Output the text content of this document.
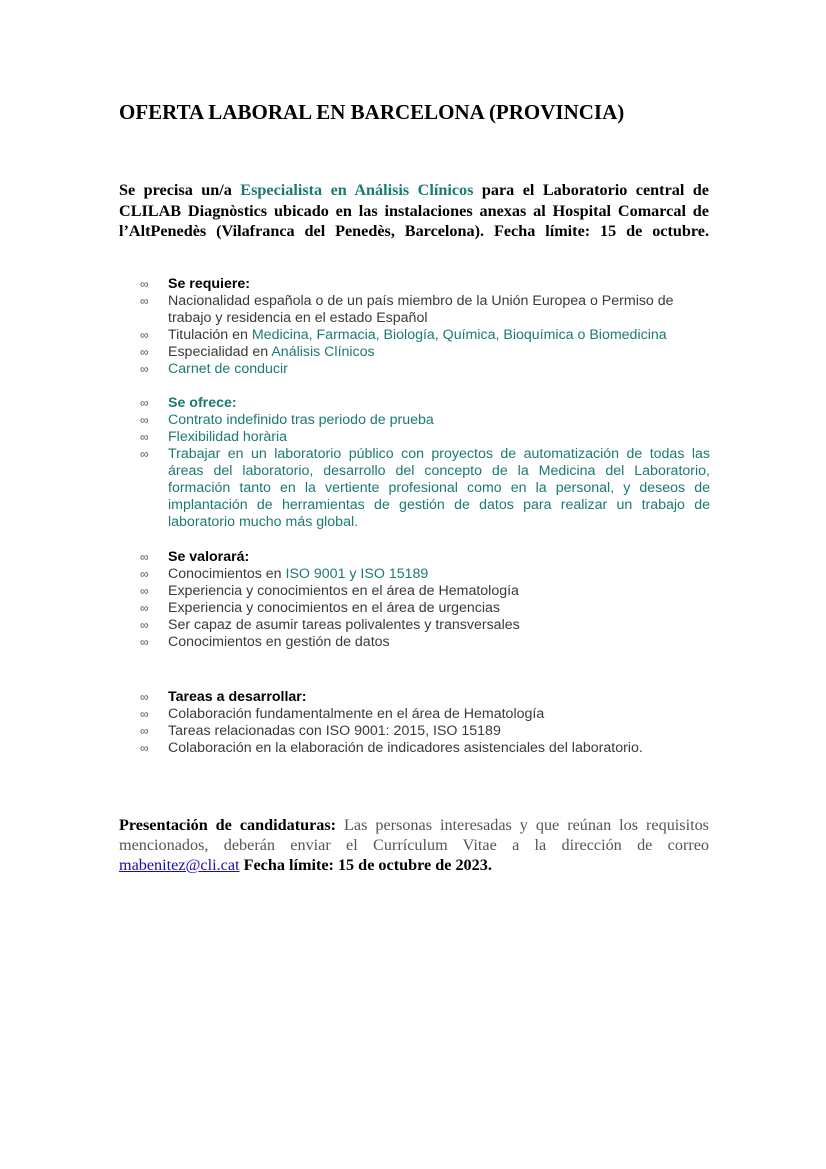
OFERTA LABORAL EN BARCELONA (PROVINCIA)

Se precisa un/a Especialista en Análisis Clínicos para el Laboratorio central de CLILAB Diagnòstics ubicado en las instalaciones anexas al Hospital Comarcal de l’AltPenedès (Vilafranca del Penedès, Barcelona). Fecha límite: 15 de octubre.

∞	Se requiere:
∞	Nacionalidad española o de un país miembro de la Unión Europea o Permiso de trabajo y residencia en el estado Español
∞	Titulación en Medicina, Farmacia, Biología, Química, Bioquímica o Biomedicina
∞	Especialidad en Análisis Clínicos
∞	Carnet de conducir
∞	Se ofrece:
∞	Contrato indefinido tras periodo de prueba
∞	Flexibilidad horària
∞	Trabajar en un laboratorio público con proyectos de automatización de todas las áreas del laboratorio, desarrollo del concepto de la Medicina del Laboratorio, formación tanto en la vertiente profesional como en la personal, y deseos de implantación de herramientas de gestión de datos para realizar un trabajo de laboratorio mucho más global.
∞	Se valorará:
∞	Conocimientos en ISO 9001 y ISO 15189
∞	Experiencia y conocimientos en el área de Hematología
∞	Experiencia y conocimientos en el área de urgencias
∞	Ser capaz de asumir tareas polivalentes y transversales
∞	Conocimientos en gestión de datos
∞	Tareas a desarrollar:
∞	Colaboración fundamentalmente en el área de Hematología
∞	Tareas relacionadas con ISO 9001: 2015, ISO 15189
∞	Colaboración en la elaboración de indicadores asistenciales del laboratorio.

Presentación de candidaturas: Las personas interesadas y que reúnan los requisitos mencionados, deberán enviar el Currículum Vitae a la dirección de correo mabenitez@cli.cat Fecha límite: 15 de octubre de 2023.
